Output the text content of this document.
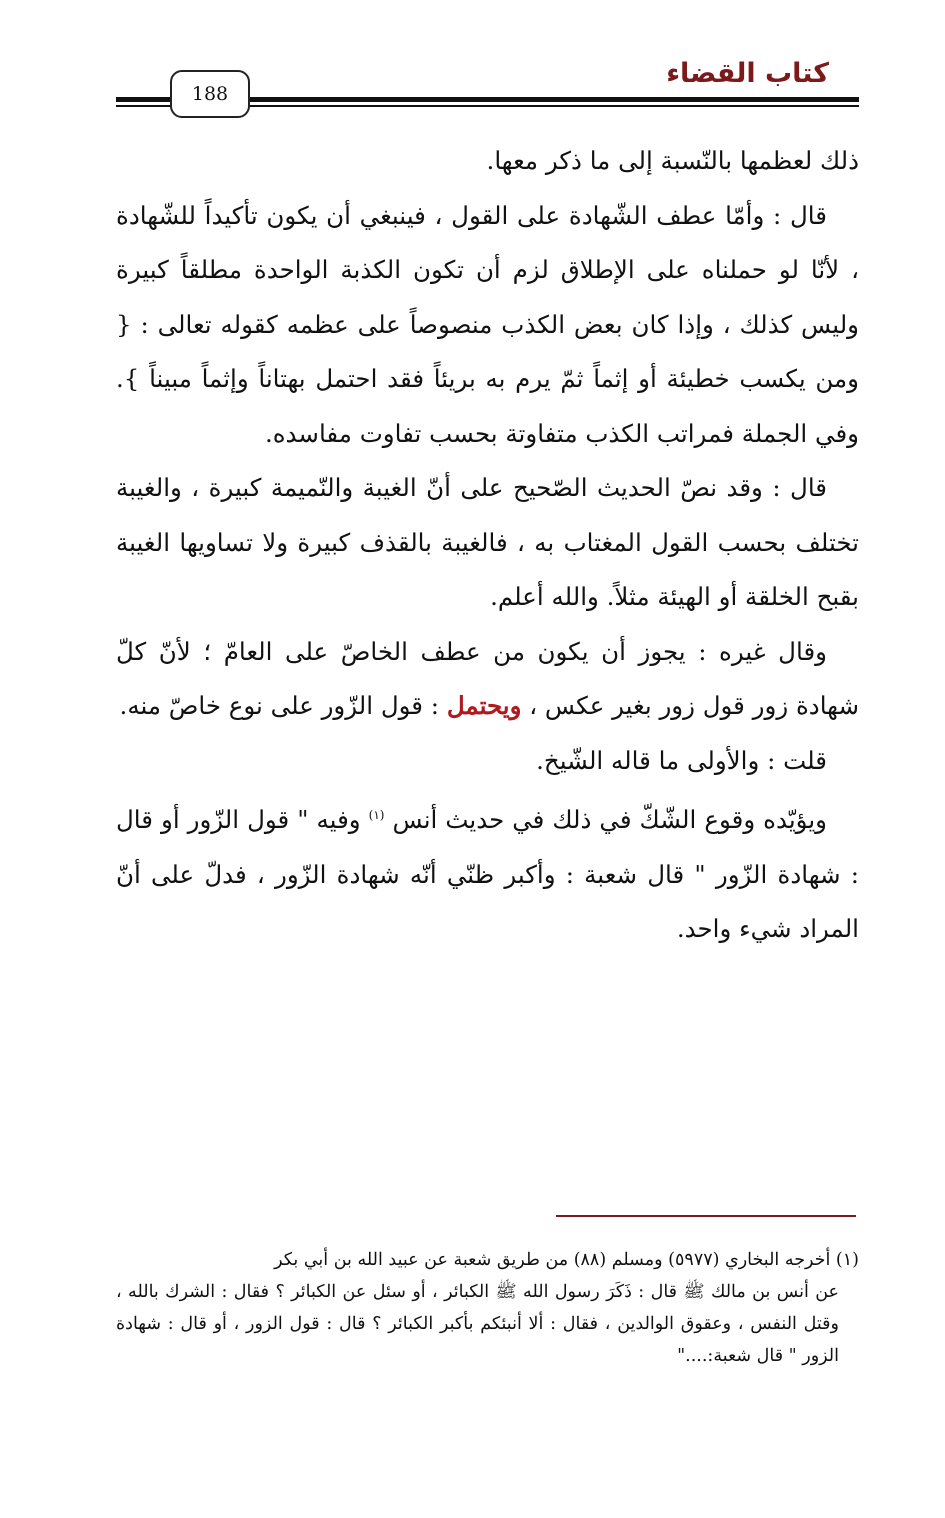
كتاب القضاء
188

ذلك لعظمها بالنّسبة إلى ما ذكر معها.

قال : وأمّا عطف الشّهادة على القول ، فينبغي أن يكون تأكيداً للشّهادة ، لأنّا لو حملناه على الإطلاق لزم أن تكون الكذبة الواحدة مطلقاً كبيرة وليس كذلك ، وإذا كان بعض الكذب منصوصاً على عظمه كقوله تعالى : { ومن يكسب خطيئة أو إثماً ثمّ يرم به بريئاً فقد احتمل بهتاناً وإثماً مبيناً }. وفي الجملة فمراتب الكذب متفاوتة بحسب تفاوت مفاسده.

قال : وقد نصّ الحديث الصّحيح على أنّ الغيبة والنّميمة كبيرة ، والغيبة تختلف بحسب القول المغتاب به ، فالغيبة بالقذف كبيرة ولا تساويها الغيبة بقبح الخلقة أو الهيئة مثلاً. والله أعلم.

وقال غيره : يجوز أن يكون من عطف الخاصّ على العامّ ؛ لأنّ كلّ شهادة زور قول زور بغير عكس ، ويحتمل : قول الزّور على نوع خاصّ منه.

قلت : والأولى ما قاله الشّيخ.

ويؤيّده وقوع الشّكّ في ذلك في حديث أنس $^{(١)}$ وفيه " قول الزّور أو قال : شهادة الزّور " قال شعبة : وأكبر ظنّي أنّه شهادة الزّور ، فدلّ على أنّ المراد شيء واحد.

(١) أخرجه البخاري (٥٩٧٧) ومسلم (٨٨) من طريق شعبة عن عبيد الله بن أبي بكر

عن أنس بن مالك ﷺ قال : ذَكَرَ رسول الله ﷺ الكبائر ، أو سئل عن الكبائر ؟ فقال : الشرك بالله ، وقتل النفس ، وعقوق الوالدين ، فقال : ألا أنبئكم بأكبر الكبائر ؟ قال : قول الزور ، أو قال : شهادة الزور " قال شعبة:...."
